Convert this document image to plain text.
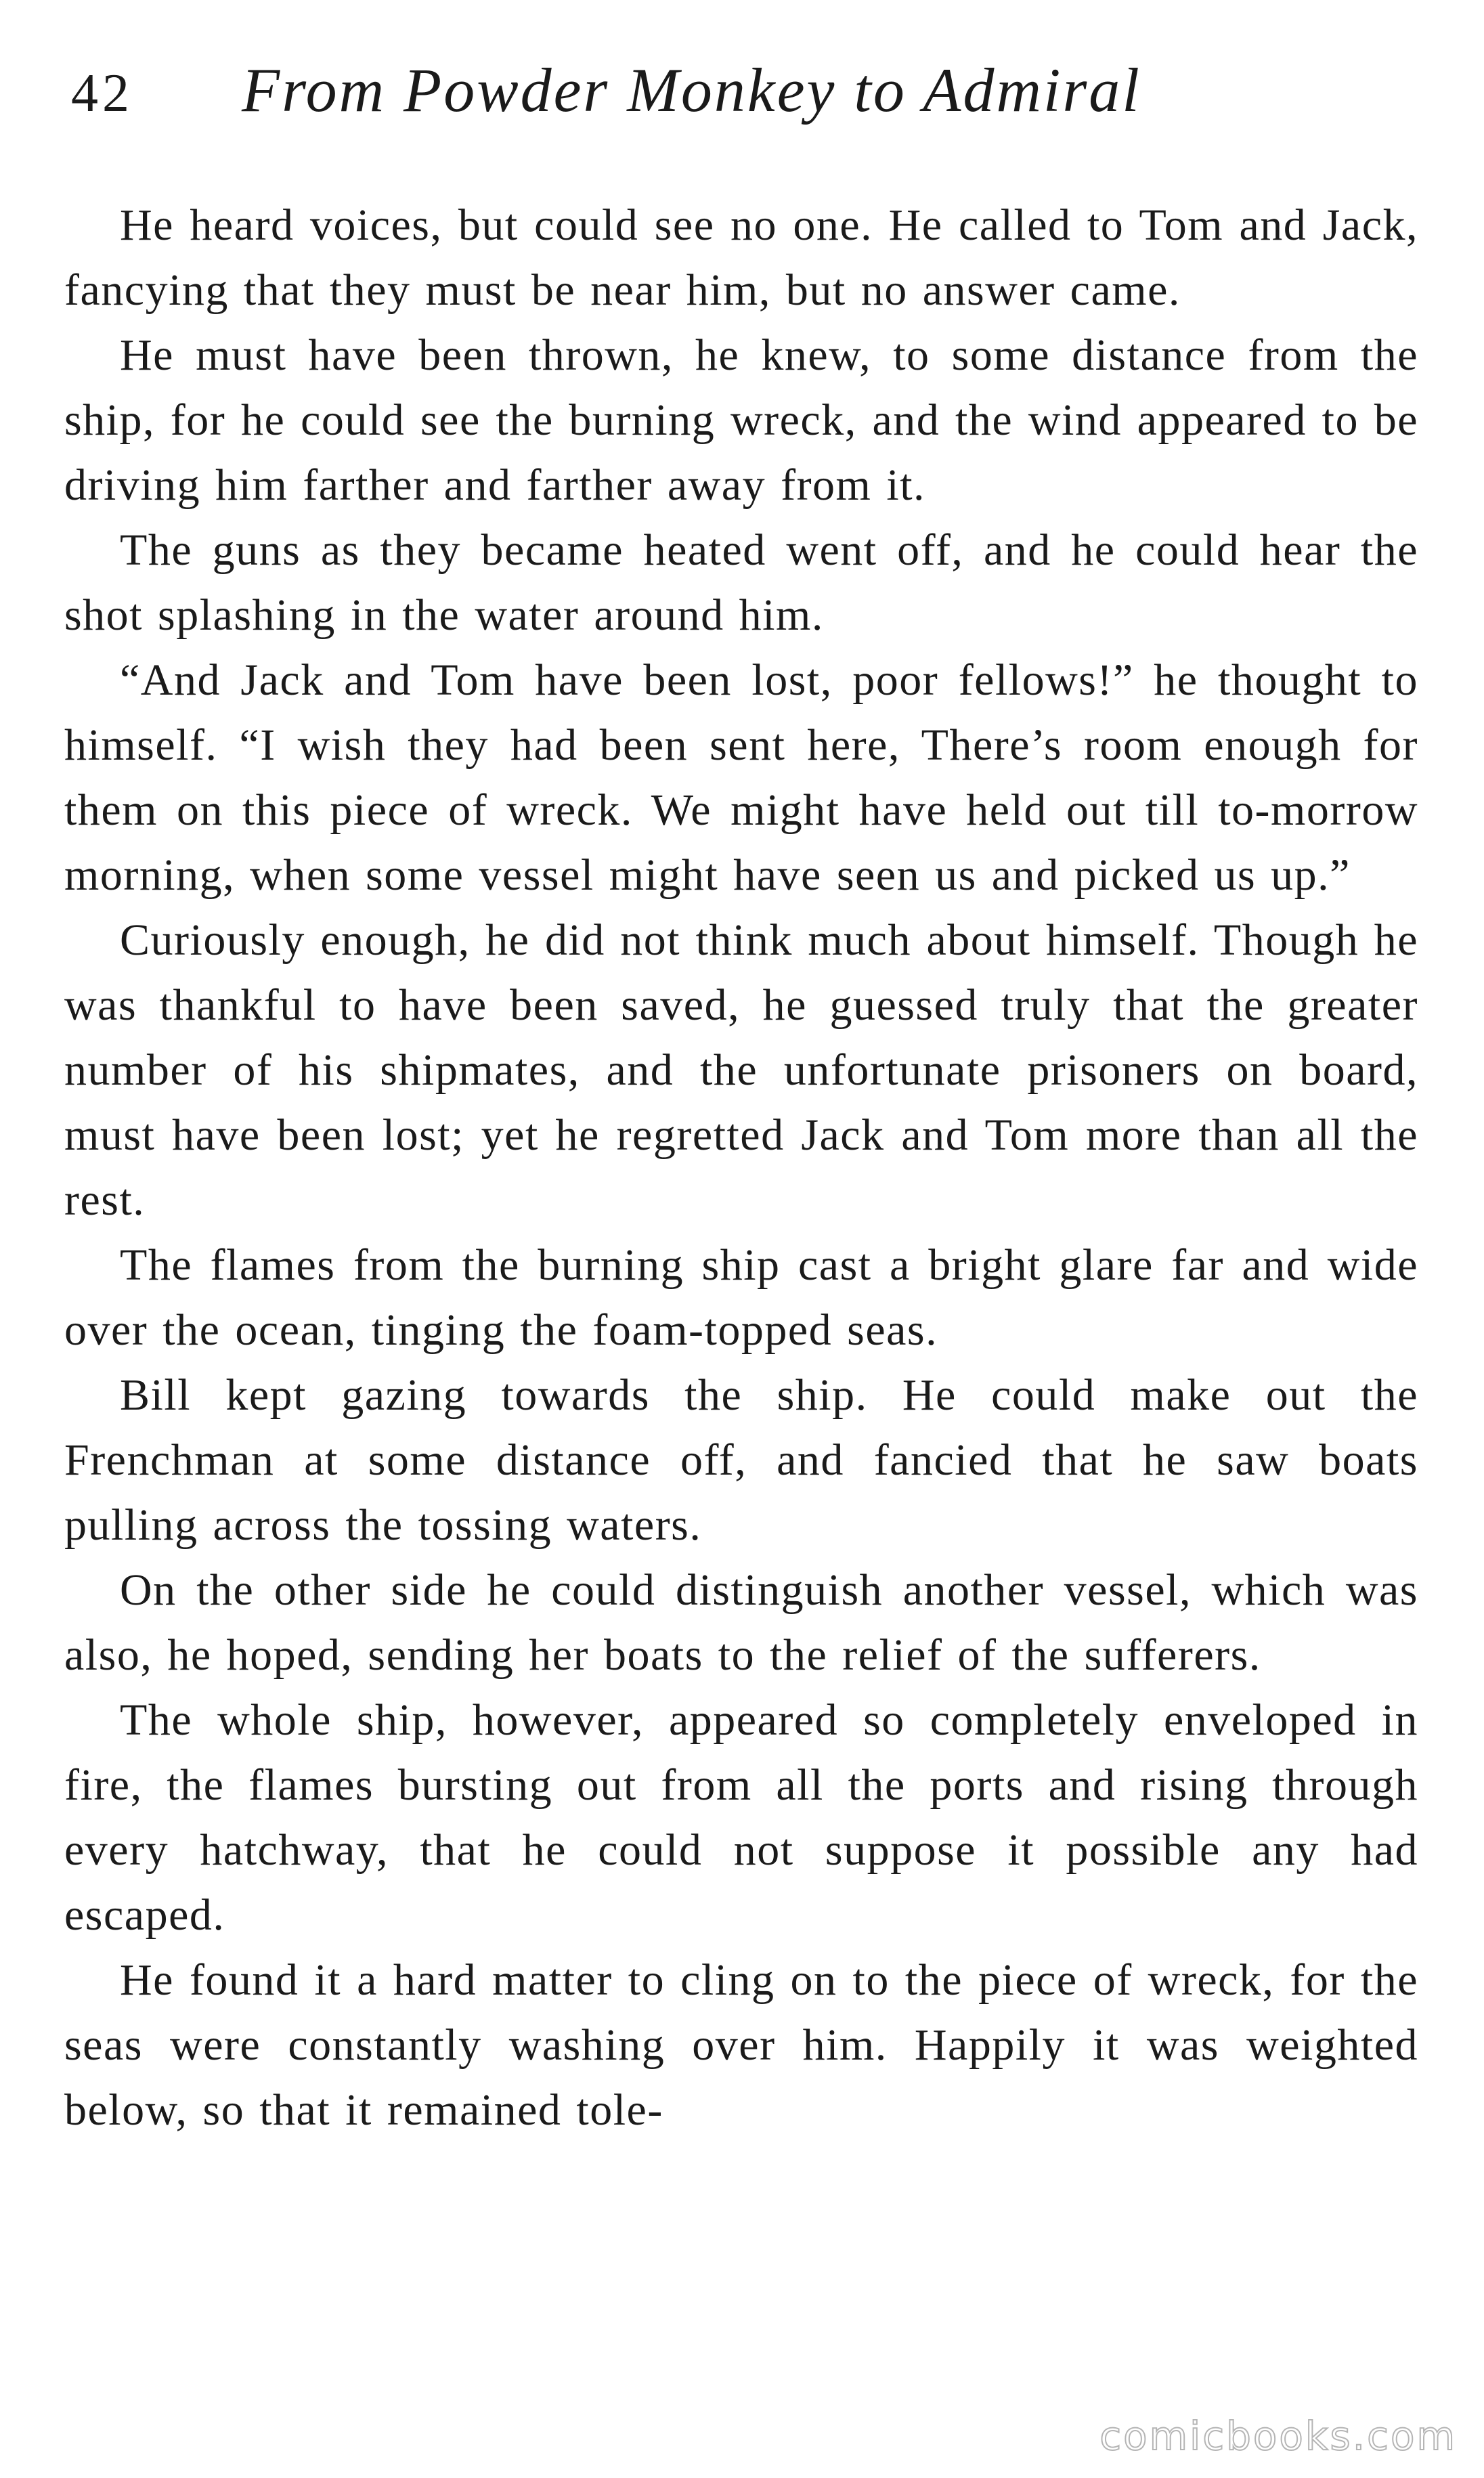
42 From Powder Monkey to Admiral

He heard voices, but could see no one. He called to Tom and Jack, fancying that they must be near him, but no answer came.

He must have been thrown, he knew, to some distance from the ship, for he could see the burning wreck, and the wind appeared to be driving him farther and farther away from it.

The guns as they became heated went off, and he could hear the shot splashing in the water around him.

“And Jack and Tom have been lost, poor fellows!” he thought to himself. “I wish they had been sent here, There’s room enough for them on this piece of wreck. We might have held out till to-morrow morning, when some vessel might have seen us and picked us up.”

Curiously enough, he did not think much about himself. Though he was thankful to have been saved, he guessed truly that the greater number of his shipmates, and the unfortunate prisoners on board, must have been lost; yet he regretted Jack and Tom more than all the rest.

The flames from the burning ship cast a bright glare far and wide over the ocean, tinging the foam-topped seas.

Bill kept gazing towards the ship. He could make out the Frenchman at some distance off, and fancied that he saw boats pulling across the tossing waters.

On the other side he could distinguish another vessel, which was also, he hoped, sending her boats to the relief of the sufferers.

The whole ship, however, appeared so completely enveloped in fire, the flames bursting out from all the ports and rising through every hatchway, that he could not suppose it possible any had escaped.

He found it a hard matter to cling on to the piece of wreck, for the seas were constantly washing over him. Happily it was weighted below, so that it remained tole-

comicbooks.com
